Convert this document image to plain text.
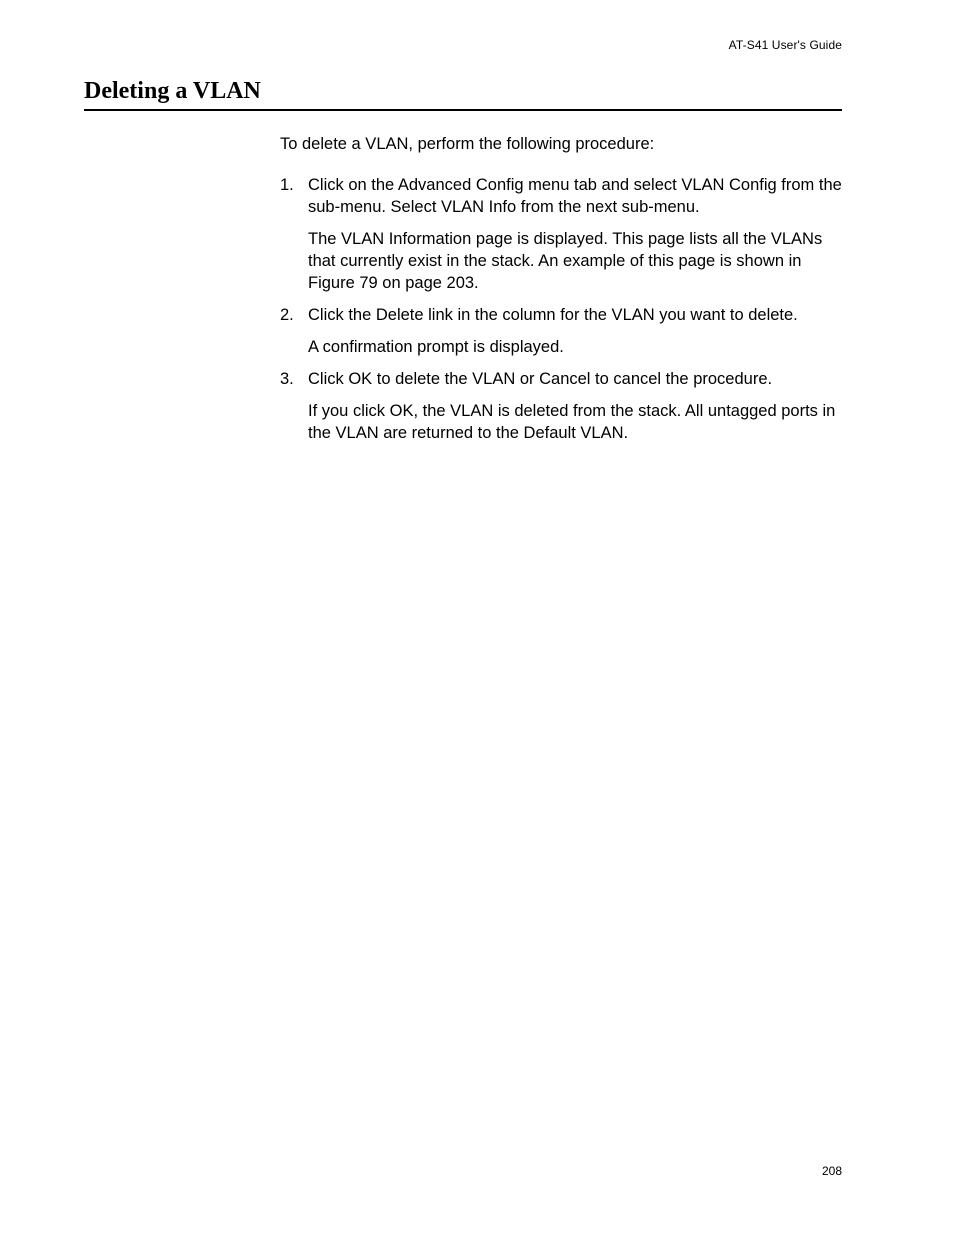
AT-S41 User's Guide
Deleting a VLAN

To delete a VLAN, perform the following procedure:

1. Click on the Advanced Config menu tab and select VLAN Config from the sub-menu. Select VLAN Info from the next sub-menu.

The VLAN Information page is displayed. This page lists all the VLANs that currently exist in the stack. An example of this page is shown in Figure 79 on page 203.

2. Click the Delete link in the column for the VLAN you want to delete.

A confirmation prompt is displayed.

3. Click OK to delete the VLAN or Cancel to cancel the procedure.

If you click OK, the VLAN is deleted from the stack. All untagged ports in the VLAN are returned to the Default VLAN.

208
